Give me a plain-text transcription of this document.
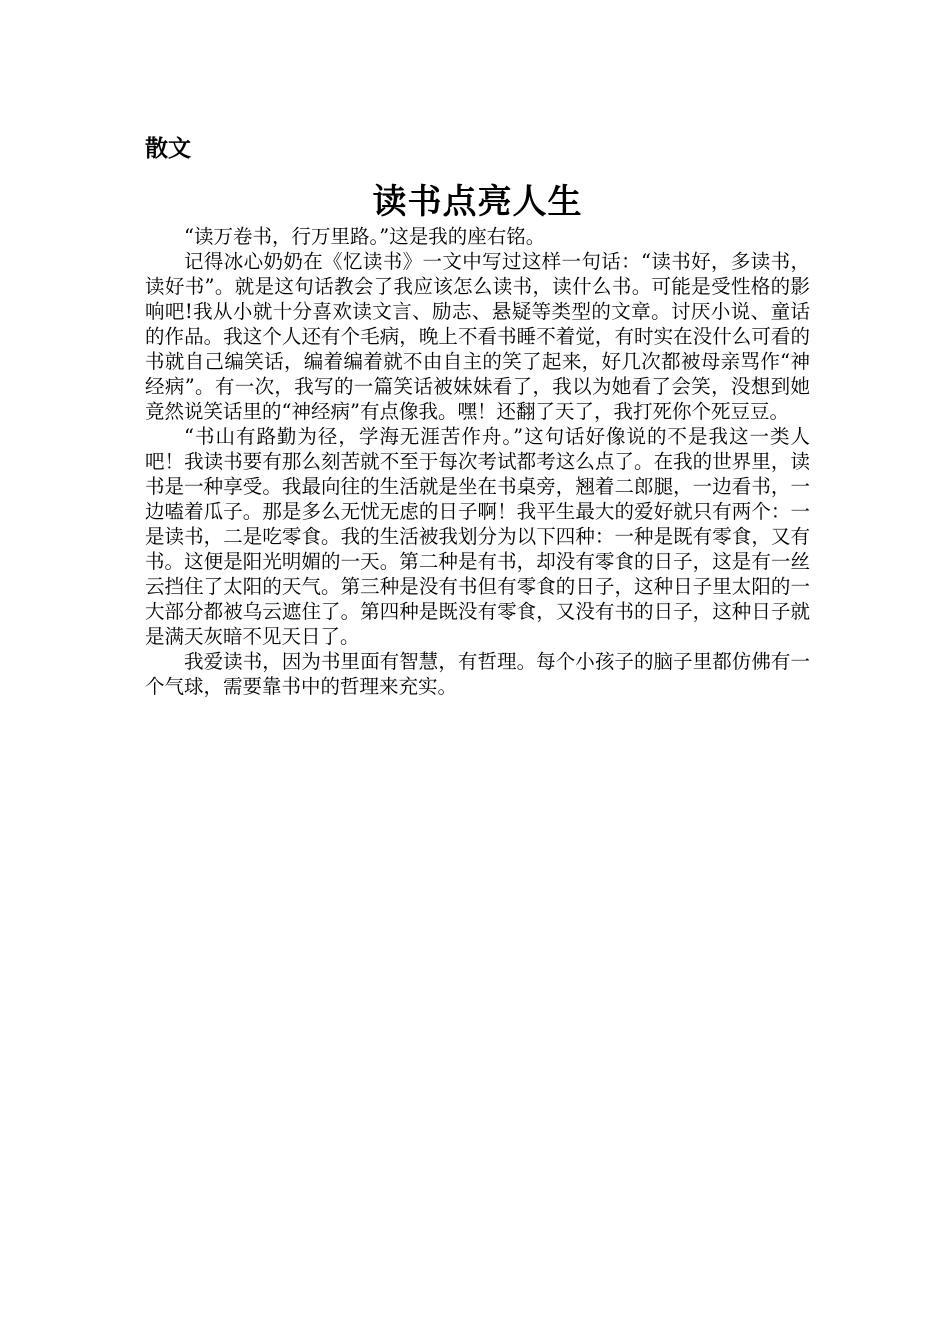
散文
读书点亮人生

“读万卷书，行万里路。”这是我的座右铭。

记得冰心奶奶在《忆读书》一文中写过这样一句话：“读书好，多读书，读好书”。就是这句话教会了我应该怎么读书，读什么书。可能是受性格的影响吧!我从小就十分喜欢读文言、励志、悬疑等类型的文章。讨厌小说、童话的作品。我这个人还有个毛病，晚上不看书睡不着觉，有时实在没什么可看的书就自己编笑话，编着编着就不由自主的笑了起来，好几次都被母亲骂作“神经病”。有一次，我写的一篇笑话被妹妹看了，我以为她看了会笑，没想到她竟然说笑话里的“神经病”有点像我。嘿！还翻了天了，我打死你个死豆豆。

“书山有路勤为径，学海无涯苦作舟。”这句话好像说的不是我这一类人吧！我读书要有那么刻苦就不至于每次考试都考这么点了。在我的世界里，读书是一种享受。我最向往的生活就是坐在书桌旁，翘着二郎腿，一边看书，一边嗑着瓜子。那是多么无忧无虑的日子啊！我平生最大的爱好就只有两个：一是读书，二是吃零食。我的生活被我划分为以下四种：一种是既有零食，又有书。这便是阳光明媚的一天。第二种是有书，却没有零食的日子，这是有一丝云挡住了太阳的天气。第三种是没有书但有零食的日子，这种日子里太阳的一大部分都被乌云遮住了。第四种是既没有零食，又没有书的日子，这种日子就是满天灰暗不见天日了。

我爱读书，因为书里面有智慧，有哲理。每个小孩子的脑子里都仿佛有一个气球，需要靠书中的哲理来充实。
